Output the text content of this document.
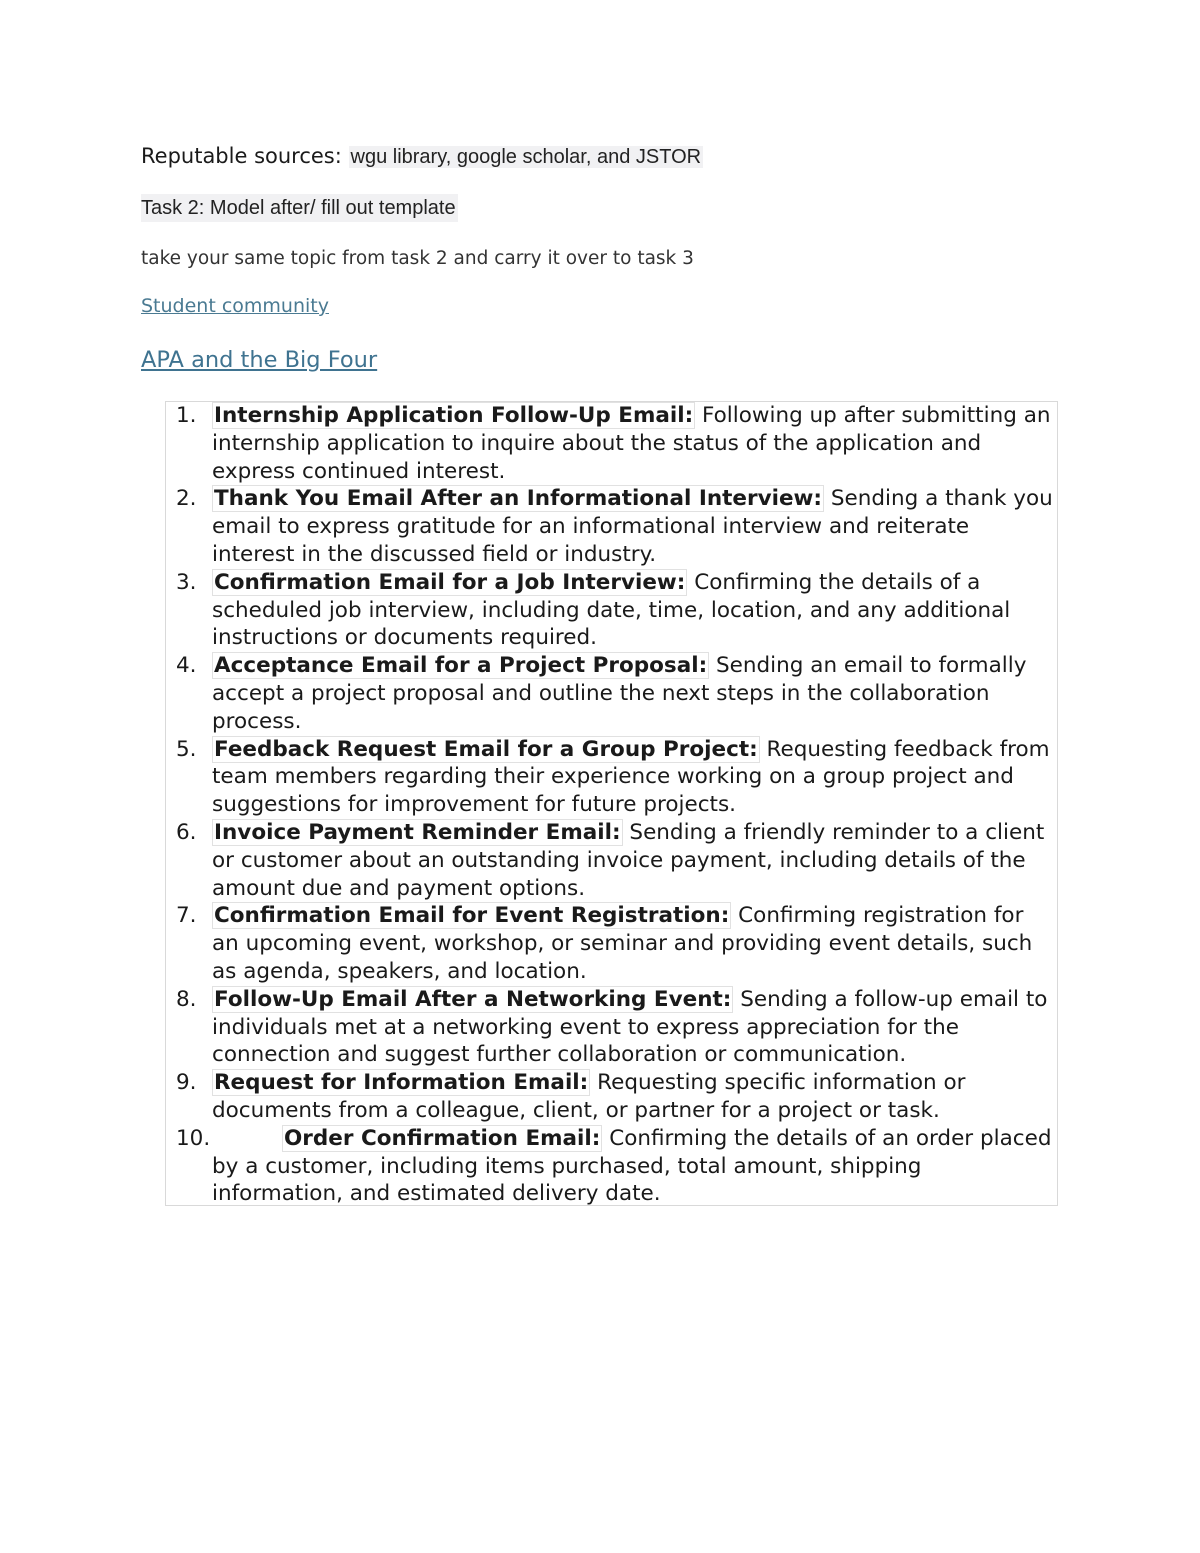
Reputable sources: wgu library, google scholar, and JSTOR
Task 2: Model after/ fill out template
take your same topic from task 2 and carry it over to task 3
Student community
APA and the Big Four
1. Internship Application Follow-Up Email: Following up after submitting an internship application to inquire about the status of the application and express continued interest.
2. Thank You Email After an Informational Interview: Sending a thank you email to express gratitude for an informational interview and reiterate interest in the discussed field or industry.
3. Confirmation Email for a Job Interview: Confirming the details of a scheduled job interview, including date, time, location, and any additional instructions or documents required.
4. Acceptance Email for a Project Proposal: Sending an email to formally accept a project proposal and outline the next steps in the collaboration process.
5. Feedback Request Email for a Group Project: Requesting feedback from team members regarding their experience working on a group project and suggestions for improvement for future projects.
6. Invoice Payment Reminder Email: Sending a friendly reminder to a client or customer about an outstanding invoice payment, including details of the amount due and payment options.
7. Confirmation Email for Event Registration: Confirming registration for an upcoming event, workshop, or seminar and providing event details, such as agenda, speakers, and location.
8. Follow-Up Email After a Networking Event: Sending a follow-up email to individuals met at a networking event to express appreciation for the connection and suggest further collaboration or communication.
9. Request for Information Email: Requesting specific information or documents from a colleague, client, or partner for a project or task.
10.	Order Confirmation Email: Confirming the details of an order placed by a customer, including items purchased, total amount, shipping information, and estimated delivery date.
